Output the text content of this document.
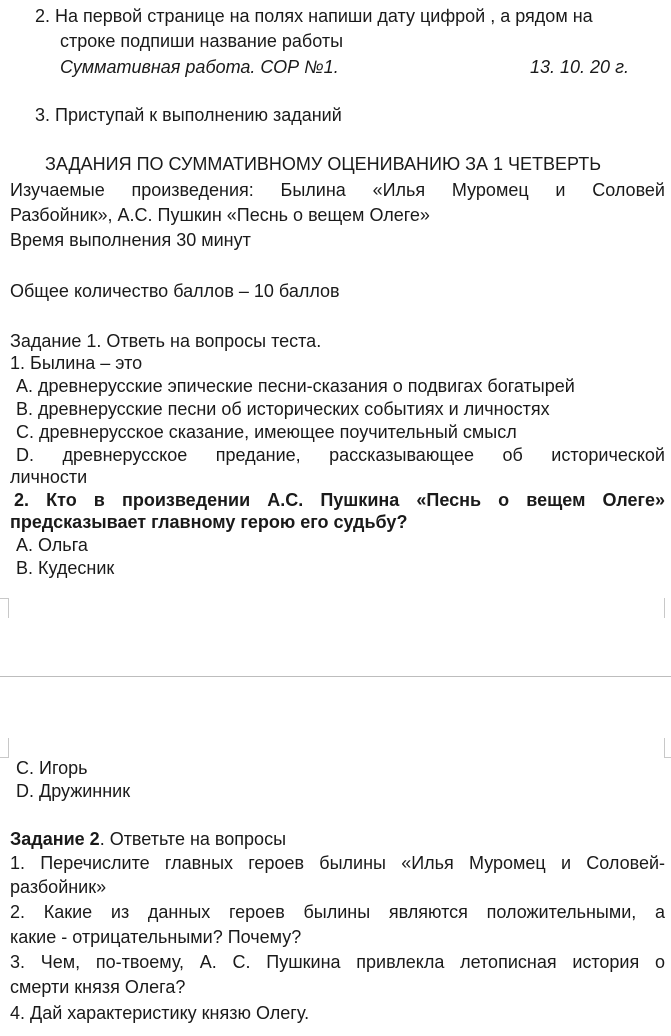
2. На первой странице на полях напиши дату цифрой , а рядом на
строке подпиши название работы
Суммативная работа. СОР №1.	13. 10. 20 г.
3. Приступай к выполнению заданий
ЗАДАНИЯ ПО СУММАТИВНОМУ ОЦЕНИВАНИЮ ЗА 1 ЧЕТВЕРТЬ
Изучаемые произведения: Былина «Илья Муромец и Соловей
Разбойник», А.С. Пушкин «Песнь о вещем Олеге»
Время выполнения 30 минут
Общее количество баллов – 10 баллов
Задание 1. Ответь на вопросы теста.
1. Былина – это
А. древнерусские эпические песни-сказания о подвигах богатырей
В. древнерусские песни об исторических событиях и личностях
С. древнерусское сказание, имеющее поучительный смысл
D. древнерусское предание, рассказывающее об исторической
личности
2. Кто в произведении А.С. Пушкина «Песнь о вещем Олеге»
предсказывает главному герою его судьбу?
А. Ольга
В. Кудесник
С. Игорь
D. Дружинник
Задание 2. Ответьте на вопросы
1. Перечислите главных героев былины «Илья Муромец и Соловей-
разбойник»
2. Какие из данных героев былины являются положительными, а
какие - отрицательными? Почему?
3. Чем, по-твоему, А. С. Пушкина привлекла летописная история о
смерти князя Олега?
4. Дай характеристику князю Олегу.
